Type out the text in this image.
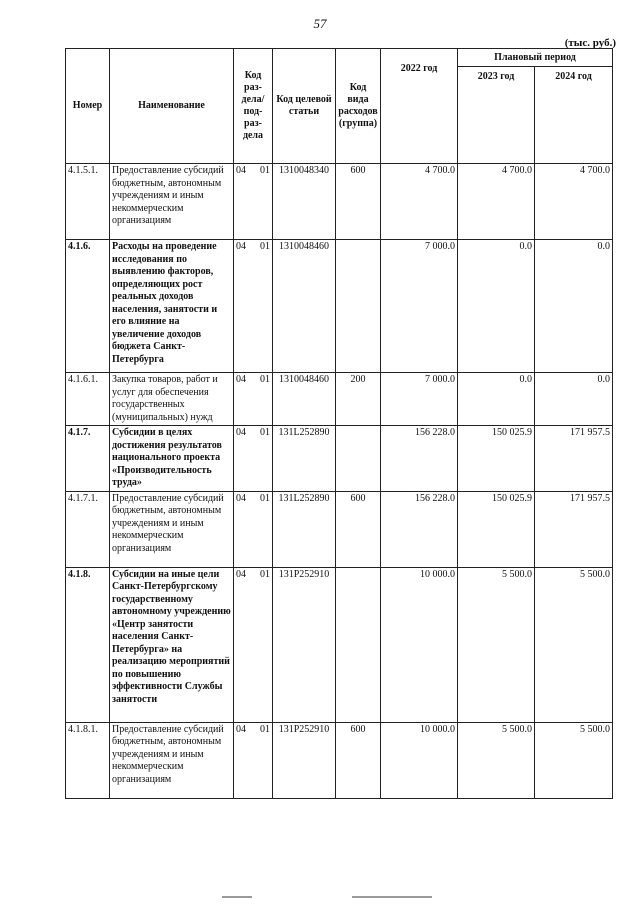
57
(тыс. руб.)
Номер	Наименование	Код раз-дела/ под-раз-дела	Код целевой статьи	Код вида расходов (группа)	2022 год	Плановый период	
						2023 год	2024 год
4.1.5.1.	Предоставление субсидий бюджетным, автономным учреждениям и иным некоммерческим организациям	04 01	1310048340	600	4 700.0	4 700.0	4 700.0
4.1.6.	Расходы на проведение исследования по выявлению факторов, определяющих рост реальных доходов населения, занятости и его влияние на увеличение доходов бюджета Санкт-Петербурга	04 01	1310048460		7 000.0	0.0	0.0
4.1.6.1.	Закупка товаров, работ и услуг для обеспечения государственных (муниципальных) нужд	04 01	1310048460	200	7 000.0	0.0	0.0
4.1.7.	Субсидии в целях достижения результатов национального проекта «Производительность труда»	04 01	131L252890		156 228.0	150 025.9	171 957.5
4.1.7.1.	Предоставление субсидий бюджетным, автономным учреждениям и иным некоммерческим организациям	04 01	131L252890	600	156 228.0	150 025.9	171 957.5
4.1.8.	Субсидии на иные цели Санкт-Петербургскому государственному автономному учреждению «Центр занятости населения Санкт-Петербурга» на реализацию мероприятий по повышению эффективности Службы занятости	04 01	131P252910		10 000.0	5 500.0	5 500.0
4.1.8.1.	Предоставление субсидий бюджетным, автономным учреждениям и иным некоммерческим организациям	04 01	131P252910	600	10 000.0	5 500.0	5 500.0
